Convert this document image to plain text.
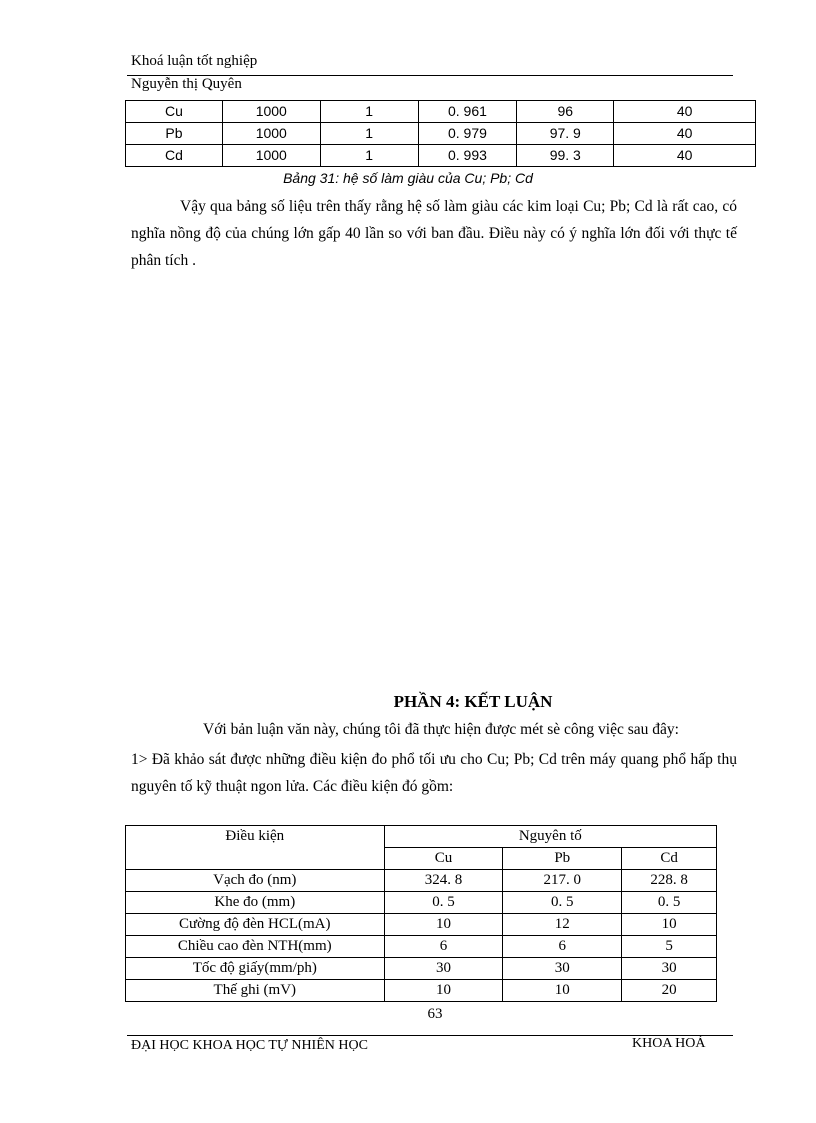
Khoá luận tốt nghiệp
Nguyễn thị Quyên
Cu	1000	1	0. 961	96	40
Pb	1000	1	0. 979	97. 9	40
Cd	1000	1	0. 993	99. 3	40
Bảng 31: hệ số làm giàu của Cu; Pb; Cd
Vậy qua bảng số liệu trên thấy rằng hệ số làm giàu các kim loại Cu; Pb; Cd là rất cao, có nghĩa nồng độ của chúng lớn gấp 40 lần so với ban đầu. Điều này có ý nghĩa lớn đối với thực tế phân tích .
PHẦN 4: KẾT LUẬN
Với bản luận văn này, chúng tôi đã thực hiện được mét sè công việc sau đây:
1> Đã khảo sát được những điều kiện đo phổ tối ưu cho Cu; Pb; Cd trên máy quang phổ hấp thụ nguyên tố kỹ thuật ngon lửa. Các điều kiện đó gồm:
Điều kiện	Nguyên tố		
	Cu	Pb	Cd
Vạch đo (nm)	324. 8	217. 0	228. 8
Khe đo (mm)	0. 5	0. 5	0. 5
Cường độ đèn HCL(mA)	10	12	10
Chiều cao đèn NTH(mm)	6	6	5
Tốc độ giấy(mm/ph)	30	30	30
Thế ghi (mV)	10	10	20
63
ĐẠI HỌC KHOA HỌC TỰ NHIÊN HỌC	KHOA HOÁ
